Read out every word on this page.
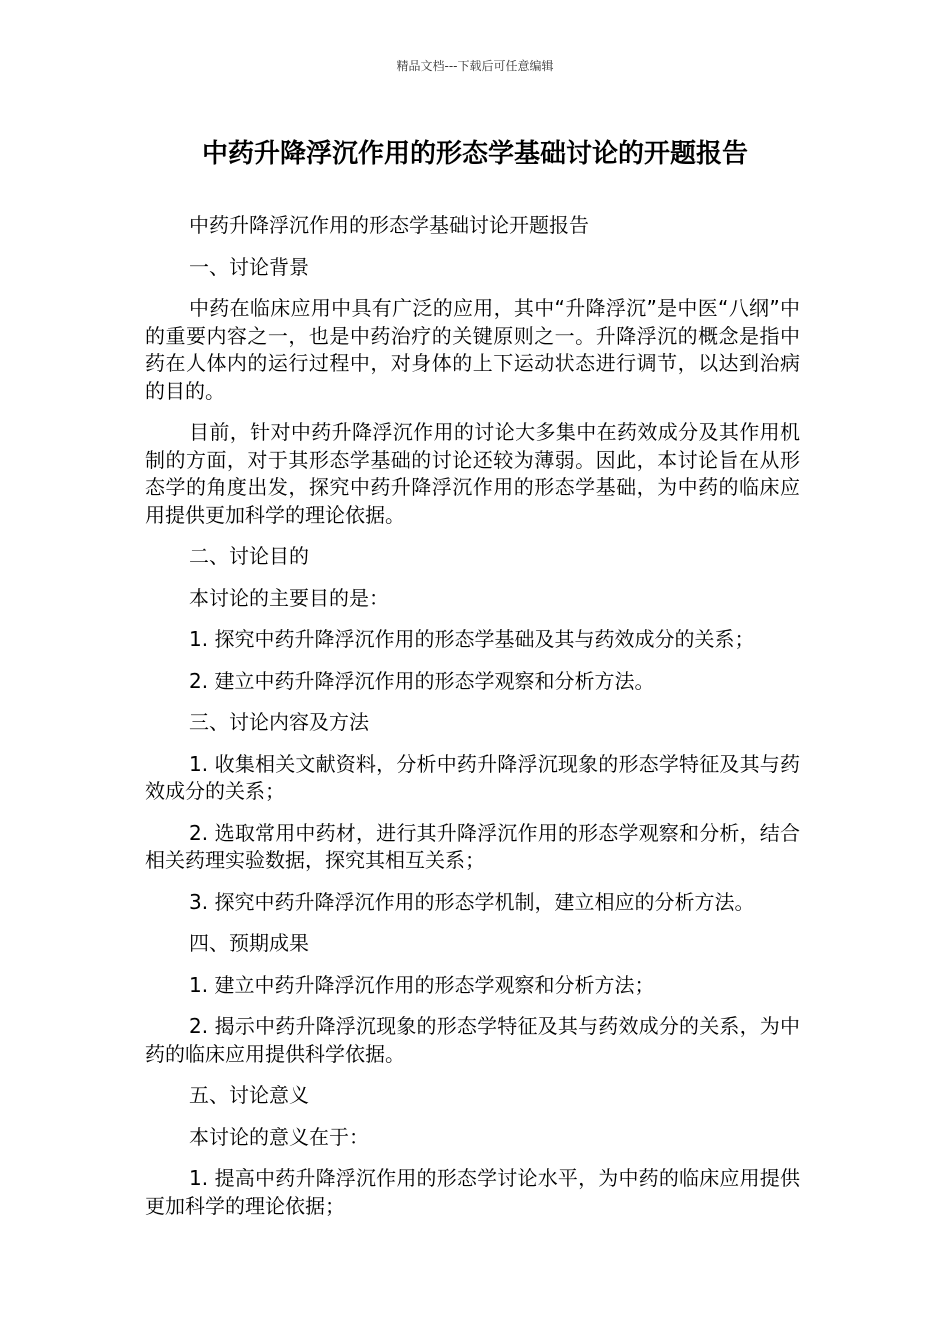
精品文档---下载后可任意编辑
中药升降浮沉作用的形态学基础讨论的开题报告

中药升降浮沉作用的形态学基础讨论开题报告

一、讨论背景

中药在临床应用中具有广泛的应用，其中“升降浮沉”是中医“八纲”中的重要内容之一，也是中药治疗的关键原则之一。升降浮沉的概念是指中药在人体内的运行过程中，对身体的上下运动状态进行调节，以达到治病的目的。

目前，针对中药升降浮沉作用的讨论大多集中在药效成分及其作用机制的方面，对于其形态学基础的讨论还较为薄弱。因此，本讨论旨在从形态学的角度出发，探究中药升降浮沉作用的形态学基础，为中药的临床应用提供更加科学的理论依据。

二、讨论目的

本讨论的主要目的是：

1. 探究中药升降浮沉作用的形态学基础及其与药效成分的关系；

2. 建立中药升降浮沉作用的形态学观察和分析方法。

三、讨论内容及方法

1. 收集相关文献资料，分析中药升降浮沉现象的形态学特征及其与药效成分的关系；

2. 选取常用中药材，进行其升降浮沉作用的形态学观察和分析，结合相关药理实验数据，探究其相互关系；

3. 探究中药升降浮沉作用的形态学机制，建立相应的分析方法。

四、预期成果

1. 建立中药升降浮沉作用的形态学观察和分析方法；

2. 揭示中药升降浮沉现象的形态学特征及其与药效成分的关系，为中药的临床应用提供科学依据。

五、讨论意义

本讨论的意义在于：

1. 提高中药升降浮沉作用的形态学讨论水平，为中药的临床应用提供更加科学的理论依据；
